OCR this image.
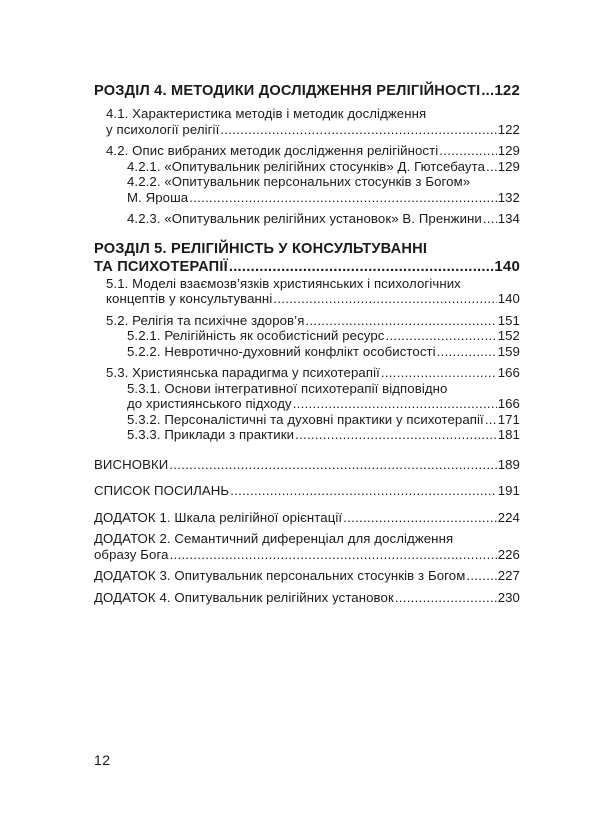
РОЗДІЛ 4. МЕТОДИКИ ДОСЛІДЖЕННЯ РЕЛІГІЙНОСТІ ..... 122
4.1. Характеристика методів і методик дослідження
у психології релігії .....	122
4.2. Опис вибраних методик дослідження релігійності .....	129
4.2.1. «Опитувальник релігійних стосунків» Д. Гютсебаута ..... 129
4.2.2. «Опитувальник персональних стосунків з Богом»
М. Яроша .....	132
4.2.3. «Опитувальник релігійних установок» В. Пренжини ..... 134
РОЗДІЛ 5. РЕЛІГІЙНІСТЬ У КОНСУЛЬТУВАННІ
ТА ПСИХОТЕРАПІЇ .....	140
5.1. Моделі взаємозв’язків християнських і психологічних
концептів у консультуванні .....	140
5.2. Релігія та психічне здоров’я .....	151
5.2.1. Релігійність як особистісний ресурс .....	152
5.2.2. Невротично-духовний конфлікт особистості .....	159
5.3. Християнська парадигма у психотерапії .....	166
5.3.1. Основи інтегративної психотерапії відповідно
до християнського підходу .....	166
5.3.2. Персоналістичні та духовні практики у психотерапії ..... 171
5.3.3. Приклади з практики .....	181
ВИСНОВКИ .....	189
СПИСОК ПОСИЛАНЬ .....	191
ДОДАТОК 1. Шкала релігійної орієнтації .....	224
ДОДАТОК 2. Семантичний диференціал для дослідження
образу Бога .....	226
ДОДАТОК 3. Опитувальник персональних стосунків з Богом ..... 227
ДОДАТОК 4. Опитувальник релігійних установок .....	230
12
